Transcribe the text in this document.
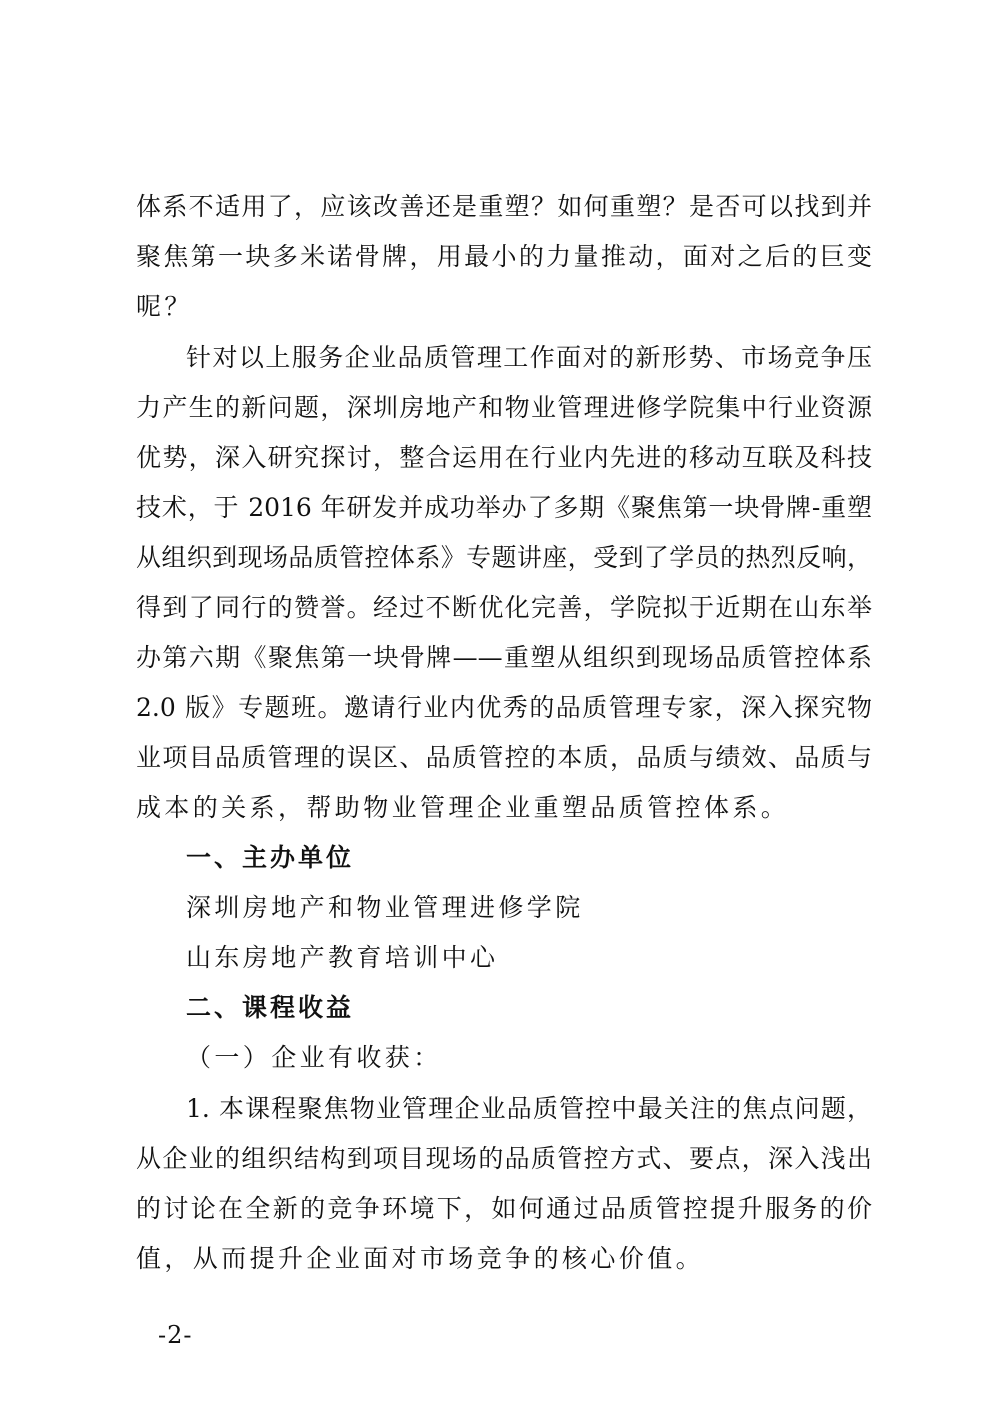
体系不适用了，应该改善还是重塑？如何重塑？是否可以找到并
聚焦第一块多米诺骨牌，用最小的力量推动，面对之后的巨变
呢？
针对以上服务企业品质管理工作面对的新形势、市场竞争压
力产生的新问题，深圳房地产和物业管理进修学院集中行业资源
优势，深入研究探讨，整合运用在行业内先进的移动互联及科技
技术，于 2016 年研发并成功举办了多期《聚焦第一块骨牌-重塑
从组织到现场品质管控体系》专题讲座，受到了学员的热烈反响，
得到了同行的赞誉。经过不断优化完善，学院拟于近期在山东举
办第六期《聚焦第一块骨牌——重塑从组织到现场品质管控体系
2.0 版》专题班。邀请行业内优秀的品质管理专家，深入探究物
业项目品质管理的误区、品质管控的本质，品质与绩效、品质与
成本的关系，帮助物业管理企业重塑品质管控体系。
一、主办单位
深圳房地产和物业管理进修学院
山东房地产教育培训中心
二、课程收益
（一）企业有收获：
1. 本课程聚焦物业管理企业品质管控中最关注的焦点问题，
从企业的组织结构到项目现场的品质管控方式、要点，深入浅出
的讨论在全新的竞争环境下，如何通过品质管控提升服务的价
值，从而提升企业面对市场竞争的核心价值。
-2-
